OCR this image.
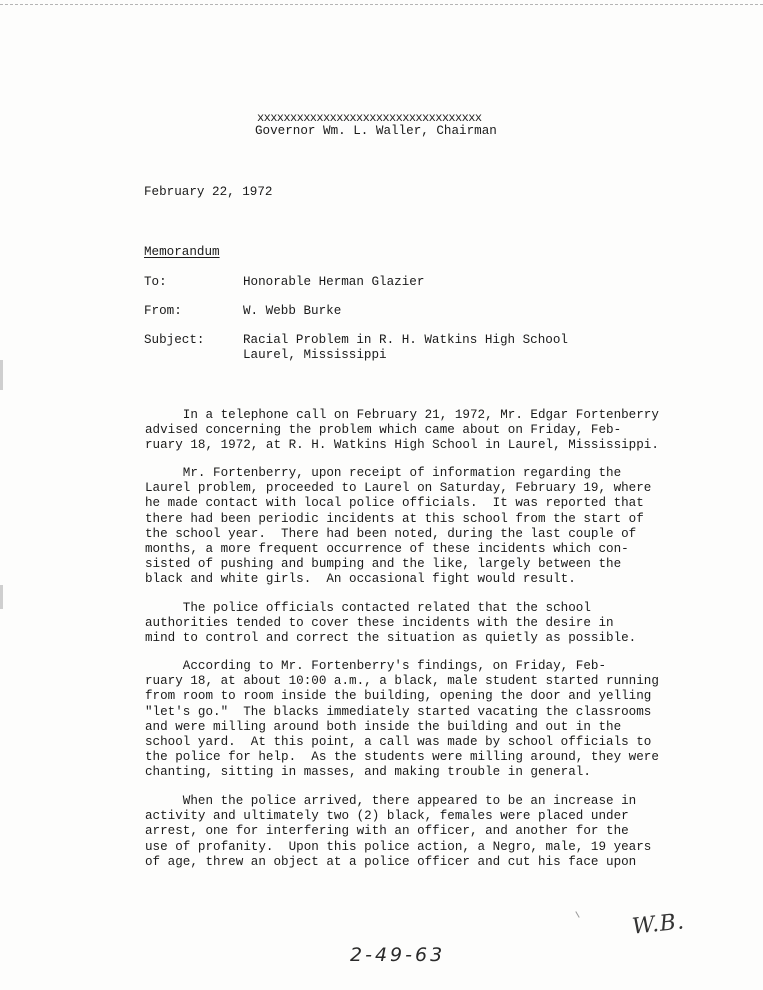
xxxxxxxxxxxxxxxxxxxxxxxxxxxxxxxxxx
Governor Wm. L. Waller, Chairman
February 22, 1972
Memorandum
To:	Honorable Herman Glazier
From:	W. Webb Burke
Subject:	Racial Problem in R. H. Watkins High School
Laurel, Mississippi
In a telephone call on February 21, 1972, Mr. Edgar Fortenberry
advised concerning the problem which came about on Friday, Feb-
ruary 18, 1972, at R. H. Watkins High School in Laurel, Mississippi.
Mr. Fortenberry, upon receipt of information regarding the
Laurel problem, proceeded to Laurel on Saturday, February 19, where
he made contact with local police officials.  It was reported that
there had been periodic incidents at this school from the start of
the school year.  There had been noted, during the last couple of
months, a more frequent occurrence of these incidents which con-
sisted of pushing and bumping and the like, largely between the
black and white girls.  An occasional fight would result.
The police officials contacted related that the school
authorities tended to cover these incidents with the desire in
mind to control and correct the situation as quietly as possible.
According to Mr. Fortenberry's findings, on Friday, Feb-
ruary 18, at about 10:00 a.m., a black, male student started running
from room to room inside the building, opening the door and yelling
"let's go."  The blacks immediately started vacating the classrooms
and were milling around both inside the building and out in the
school yard.  At this point, a call was made by school officials to
the police for help.  As the students were milling around, they were
chanting, sitting in masses, and making trouble in general.
When the police arrived, there appeared to be an increase in
activity and ultimately two (2) black, females were placed under
arrest, one for interfering with an officer, and another for the
use of profanity.  Upon this police action, a Negro, male, 19 years
of age, threw an object at a police officer and cut his face upon
W.B.
2-49-63
